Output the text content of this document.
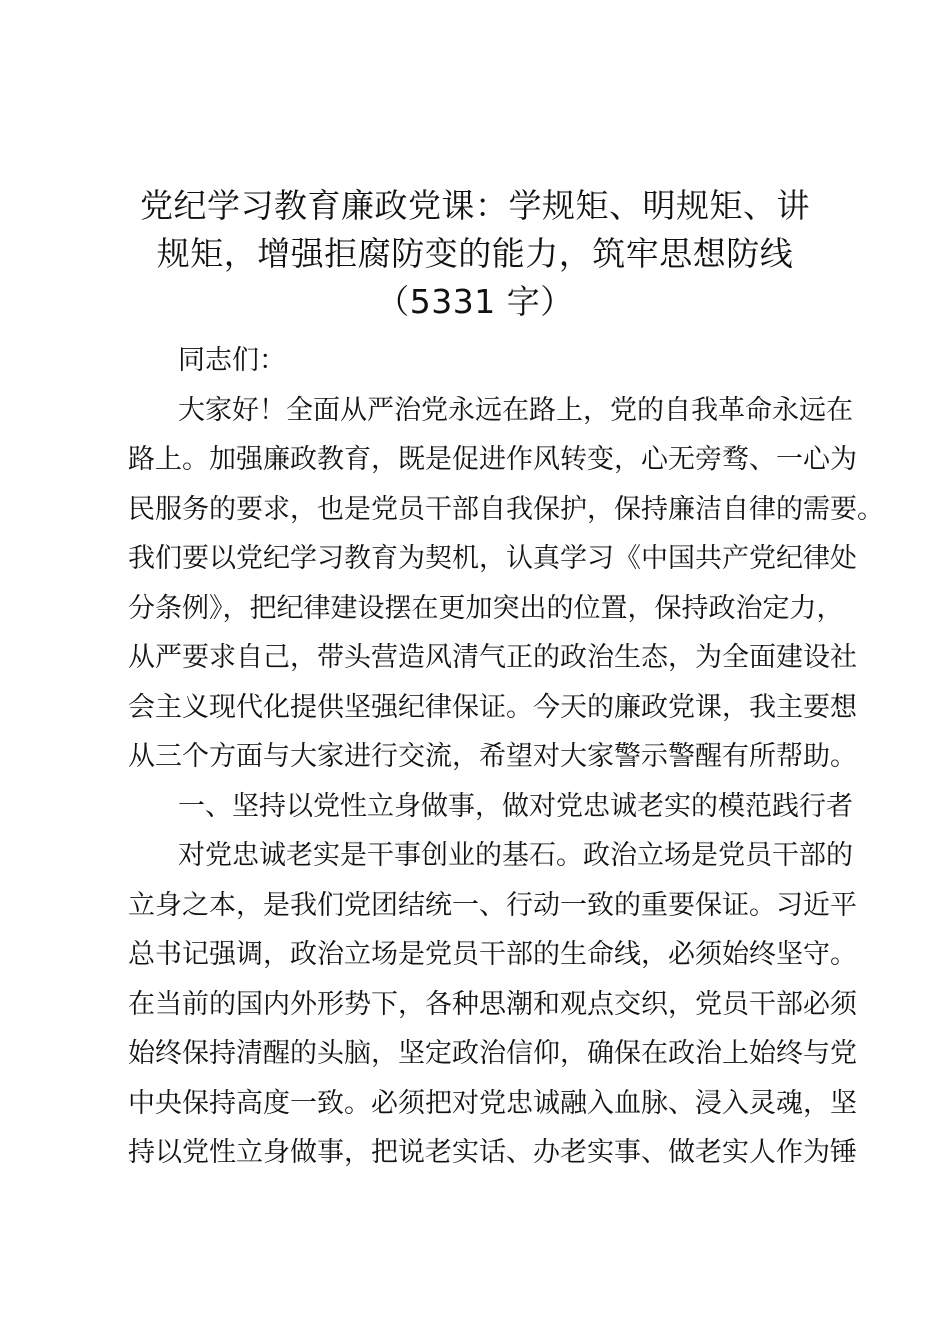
党纪学习教育廉政党课：学规矩、明规矩、讲
规矩，增强拒腐防变的能力，筑牢思想防线
（5331 字）

同志们：

大家好！全面从严治党永远在路上，党的自我革命永远在

路上。加强廉政教育，既是促进作风转变，心无旁骛、一心为

民服务的要求，也是党员干部自我保护，保持廉洁自律的需要。

我们要以党纪学习教育为契机，认真学习《中国共产党纪律处

分条例》，把纪律建设摆在更加突出的位置，保持政治定力，

从严要求自己，带头营造风清气正的政治生态，为全面建设社

会主义现代化提供坚强纪律保证。今天的廉政党课，我主要想

从三个方面与大家进行交流，希望对大家警示警醒有所帮助。

一、坚持以党性立身做事，做对党忠诚老实的模范践行者

对党忠诚老实是干事创业的基石。政治立场是党员干部的

立身之本，是我们党团结统一、行动一致的重要保证。习近平

总书记强调，政治立场是党员干部的生命线，必须始终坚守。

在当前的国内外形势下，各种思潮和观点交织，党员干部必须

始终保持清醒的头脑，坚定政治信仰，确保在政治上始终与党

中央保持高度一致。必须把对党忠诚融入血脉、浸入灵魂，坚

持以党性立身做事，把说老实话、办老实事、做老实人作为锤
